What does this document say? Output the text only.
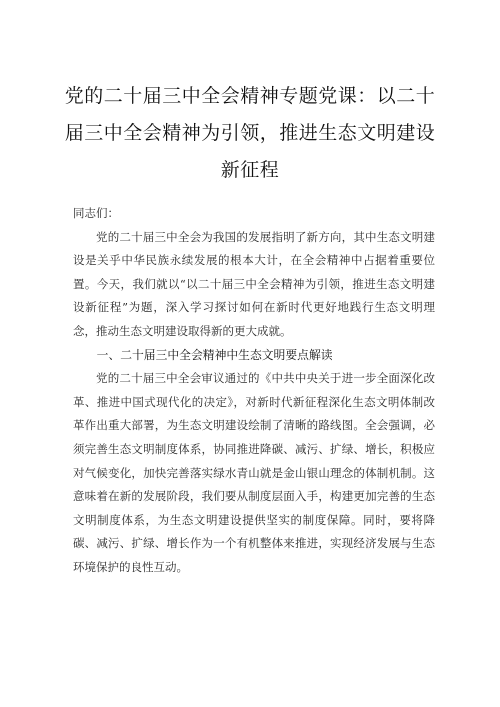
党的二十届三中全会精神专题党课：以二十届三中全会精神为引领，推进生态文明建设新征程

同志们：

党的二十届三中全会为我国的发展指明了新方向，其中生态文明建设是关乎中华民族永续发展的根本大计，在全会精神中占据着重要位置。今天，我们就以“以二十届三中全会精神为引领，推进生态文明建设新征程”为题，深入学习探讨如何在新时代更好地践行生态文明理念，推动生态文明建设取得新的更大成就。

一、二十届三中全会精神中生态文明要点解读

党的二十届三中全会审议通过的《中共中央关于进一步全面深化改革、推进中国式现代化的决定》，对新时代新征程深化生态文明体制改革作出重大部署，为生态文明建设绘制了清晰的路线图。全会强调，必须完善生态文明制度体系，协同推进降碳、减污、扩绿、增长，积极应对气候变化，加快完善落实绿水青山就是金山银山理念的体制机制。这意味着在新的发展阶段，我们要从制度层面入手，构建更加完善的生态文明制度体系，为生态文明建设提供坚实的制度保障。同时，要将降碳、减污、扩绿、增长作为一个有机整体来推进，实现经济发展与生态环境保护的良性互动。
